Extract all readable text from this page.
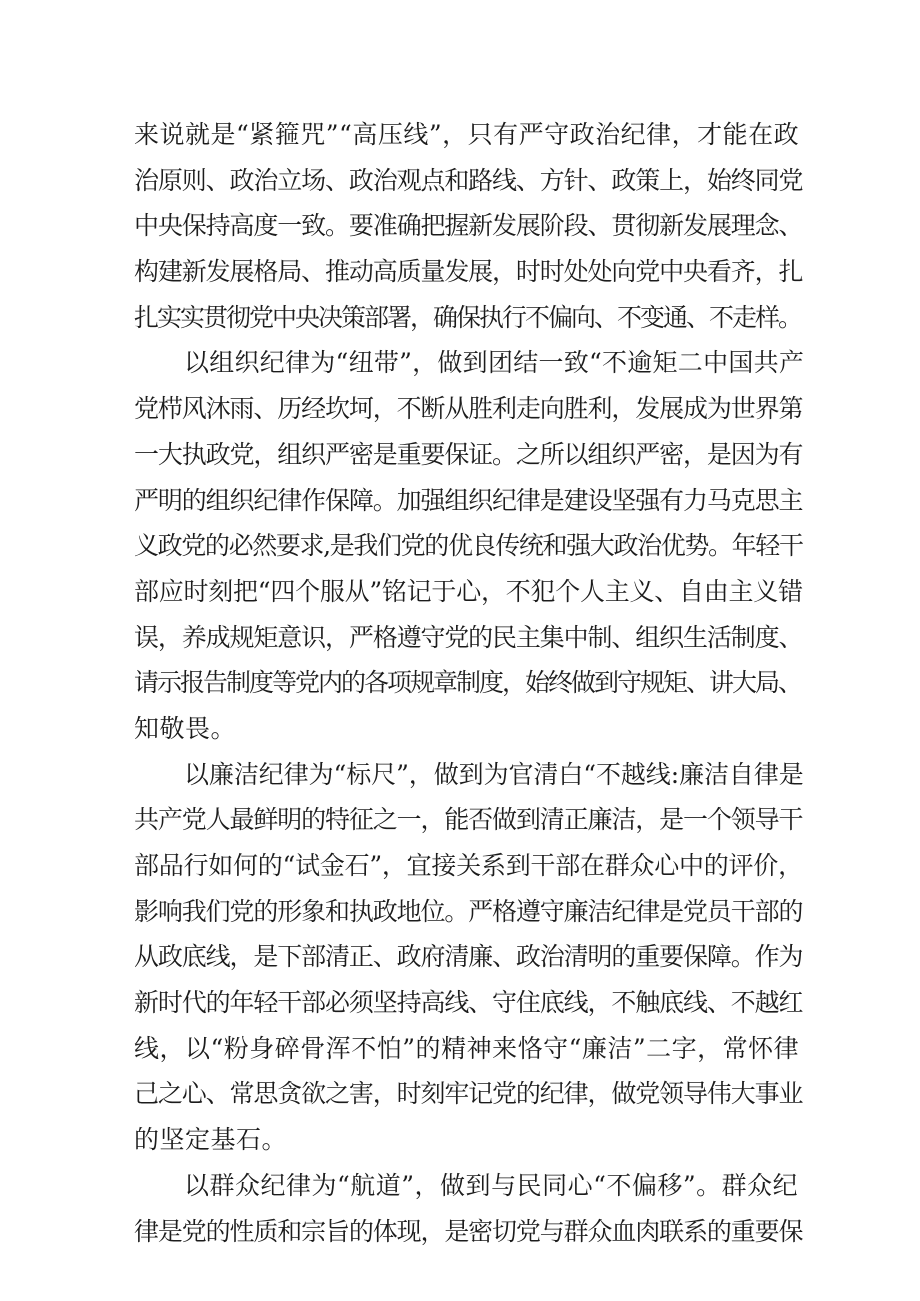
来说就是“紧箍咒”“高压线”，只有严守政治纪律，才能在政
治原则、政治立场、政治观点和路线、方针、政策上，始终同党
中央保持高度一致。要准确把握新发展阶段、贯彻新发展理念、
构建新发展格局、推动高质量发展，时时处处向党中央看齐，扎
扎实实贯彻党中央决策部署，确保执行不偏向、不变通、不走样。
以组织纪律为“纽带”，做到团结一致“不逾矩二中国共产
党栉风沐雨、历经坎坷，不断从胜利走向胜利，发展成为世界第
一大执政党，组织严密是重要保证。之所以组织严密，是因为有
严明的组织纪律作保障。加强组织纪律是建设坚强有力马克思主
义政党的必然要求,是我们党的优良传统和强大政治优势。年轻干
部应时刻把“四个服从”铭记于心，不犯个人主义、自由主义错
误，养成规矩意识，严格遵守党的民主集中制、组织生活制度、
请示报告制度等党内的各项规章制度，始终做到守规矩、讲大局、
知敬畏。
以廉洁纪律为“标尺”，做到为官清白“不越线:廉洁自律是
共产党人最鲜明的特征之一，能否做到清正廉洁，是一个领导干
部品行如何的“试金石”，宜接关系到干部在群众心中的评价，
影响我们党的形象和执政地位。严格遵守廉洁纪律是党员干部的
从政底线，是下部清正、政府清廉、政治清明的重要保障。作为
新时代的年轻干部必须坚持高线、守住底线，不触底线、不越红
线，以“粉身碎骨浑不怕”的精神来恪守“廉洁”二字，常怀律
己之心、常思贪欲之害，时刻牢记党的纪律，做党领导伟大事业
的坚定基石。
以群众纪律为“航道”，做到与民同心“不偏移”。群众纪
律是党的性质和宗旨的体现，是密切党与群众血肉联系的重要保
